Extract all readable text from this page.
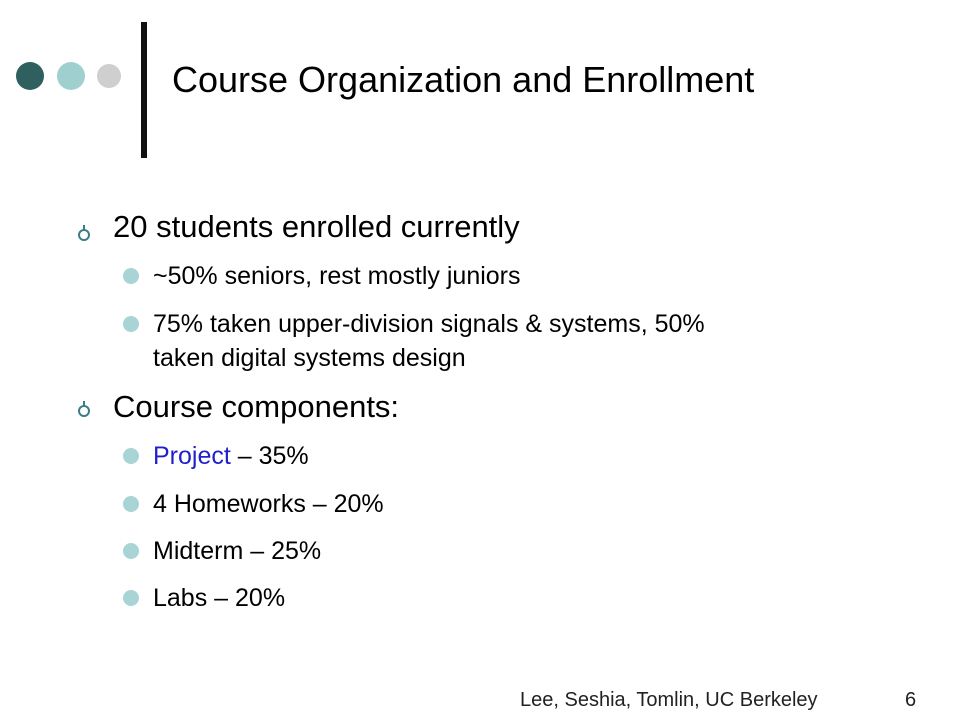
Course Organization and Enrollment
20 students enrolled currently
~50% seniors, rest mostly juniors
75% taken upper-division signals & systems, 50%
taken digital systems design
Course components:
Project – 35%
4 Homeworks – 20%
Midterm – 25%
Labs – 20%
Lee, Seshia, Tomlin, UC Berkeley	6
